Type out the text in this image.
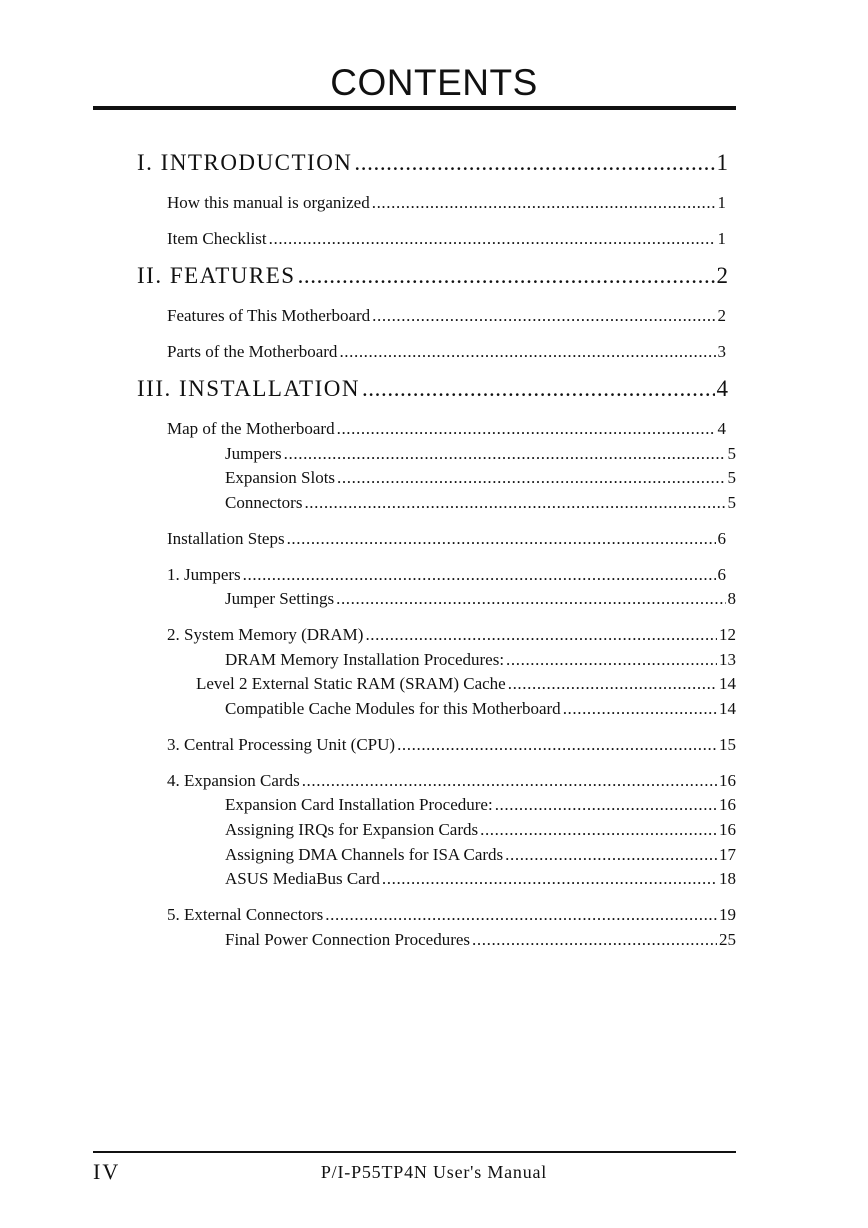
CONTENTS
I. INTRODUCTION .....	1
How this manual is organized .....	1
Item Checklist .....	1
II. FEATURES .....	2
Features of This Motherboard .....	2
Parts of the Motherboard .....	3
III. INSTALLATION .....	4
Map of the Motherboard .....	4
Jumpers .....	5
Expansion Slots .....	5
Connectors .....	5
Installation Steps .....	6
1. Jumpers .....	6
Jumper Settings .....	8
2. System Memory (DRAM) .....	12
DRAM Memory Installation Procedures: .....	13
Level 2 External Static RAM (SRAM) Cache .....	14
Compatible Cache Modules for this Motherboard .....	14
3. Central Processing Unit (CPU) .....	15
4. Expansion Cards .....	16
Expansion Card Installation Procedure: .....	16
Assigning IRQs for Expansion Cards .....	16
Assigning DMA Channels for ISA Cards .....	17
ASUS MediaBus Card .....	18
5. External Connectors .....	19
Final Power Connection Procedures .....	25
IV	P/I-P55TP4N User's Manual
